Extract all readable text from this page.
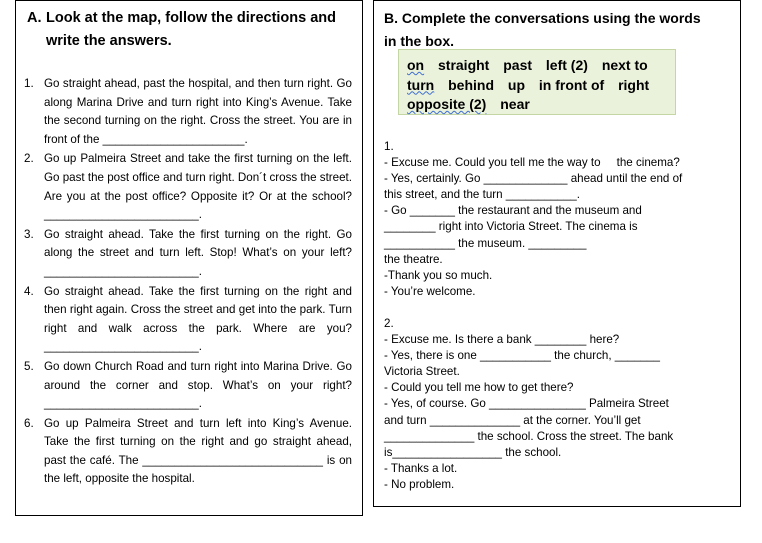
A. Look at the map, follow the directions and
write the answers.
1. Go straight ahead, past the hospital, and then turn right. Go along Marina Drive and turn right into King’s Avenue. Take the second turning on the right. Cross the street. You are in front of the ______________________.
2. Go up Palmeira Street and take the first turning on the left. Go past the post office and turn right. Don´t cross the street. Are you at the post office? Opposite it? Or at the school? ________________________.
3. Go straight ahead. Take the first turning on the right. Go along the street and turn left. Stop! What’s on your left? ________________________.
4. Go straight ahead. Take the first turning on the right and then right again. Cross the street and get into the park. Turn right and walk across the park. Where are you? ________________________.
5. Go down Church Road and turn right into Marina Drive. Go around the corner and stop. What’s on your right? ________________________.
6. Go up Palmeira Street and turn left into King’s Avenue. Take the first turning on the right and go straight ahead, past the café. The ____________________________ is on the left, opposite the hospital.
B. Complete the conversations using the words
in the box.
on straight past left (2) next to
turn behind up in front of right
opposite (2) near

1.

- Excuse me. Could you tell me the way to     the cinema?

- Yes, certainly. Go _____________ ahead until the end of

this street, and the turn ___________.

- Go _______ the restaurant and the museum and

________ right into Victoria Street. The cinema is

___________ the museum. _________

the theatre.

-Thank you so much.

- You’re welcome.

2.

- Excuse me. Is there a bank ________ here?

- Yes, there is one ___________ the church, _______

Victoria Street.

- Could you tell me how to get there?

- Yes, of course. Go _______________ Palmeira Street

and turn ______________ at the corner. You’ll get

______________ the school. Cross the street. The bank

is_________________ the school.

- Thanks a lot.

- No problem.
